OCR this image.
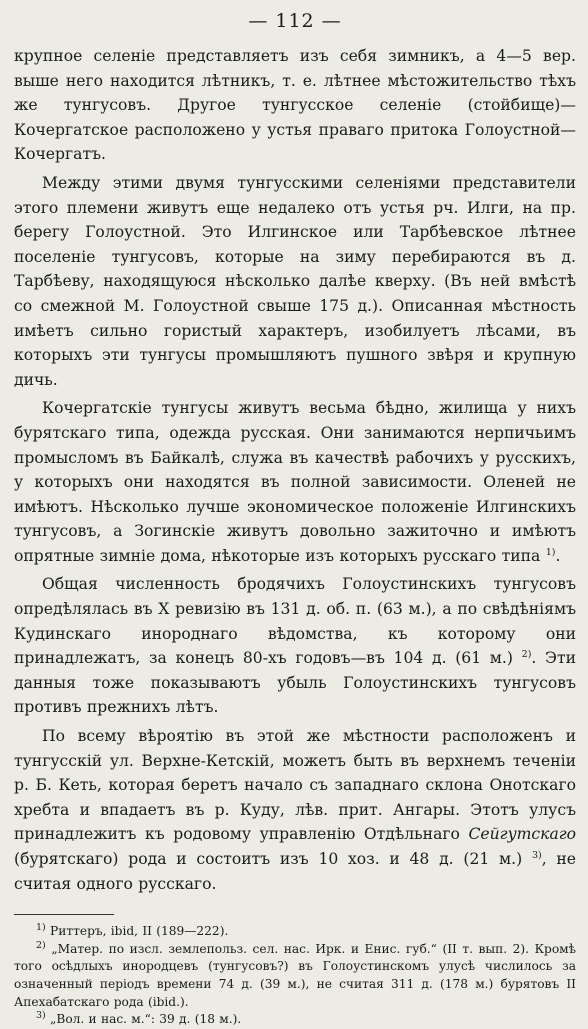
— 112 —

крупное селеніе представляетъ изъ себя зимникъ, а 4—5 вер. выше него находится лѣтникъ, т. е. лѣтнее мѣстожительство тѣхъ же тунгусовъ. Другое тунгусское селеніе (стойбище)— Кочергатское расположено у устья праваго притока Голоустной—Кочергатъ.

Между этими двумя тунгусскими селеніями представители этого племени живутъ еще недалеко отъ устья рч. Илги, на пр. берегу Голоустной. Это Илгинское или Тарбѣевское лѣтнее поселеніе тунгусовъ, которые на зиму перебираются въ д. Тарбѣеву, находящуюся нѣсколько далѣе кверху. (Въ ней вмѣстѣ со смежной М. Голоустной свыше 175 д.). Описанная мѣстность имѣетъ сильно гористый характеръ, изобилуетъ лѣсами, въ которыхъ эти тунгусы промышляютъ пушного звѣря и крупную дичь.

Кочергатскіе тунгусы живутъ весьма бѣдно, жилища у нихъ бурятскаго типа, одежда русская. Они занимаются нерпичьимъ промысломъ въ Байкалѣ, служа въ качествѣ рабочихъ у русскихъ, у которыхъ они находятся въ полной зависимости. Оленей не имѣютъ. Нѣсколько лучше экономическое положеніе Илгинскихъ тунгусовъ, а Зогинскіе живутъ довольно зажиточно и имѣютъ опрятные зимніе дома, нѣкоторые изъ которыхъ русскаго типа $^{1)}$.

Общая численность бродячихъ Голоустинскихъ тунгусовъ опредѣлялась въ X ревизію въ 131 д. об. п. (63 м.), а по свѣдѣніямъ Кудинскаго инороднаго вѣдомства, къ которому они принадлежатъ, за конецъ 80-хъ годовъ—въ 104 д. (61 м.) $^{2)}$. Эти данныя тоже показываютъ убыль Голоустинскихъ тунгусовъ противъ прежнихъ лѣтъ.

По всему вѣроятію въ этой же мѣстности расположенъ и тунгусскій ул. Верхне-Кетскій, можетъ быть въ верхнемъ теченіи р. Б. Кеть, которая беретъ начало съ западнаго склона Онотскаго хребта и впадаетъ въ р. Куду, лѣв. прит. Ангары. Этотъ улусъ принадлежитъ къ родовому управленію Отдѣльнаго Сейгутскаго (бурятскаго) рода и состоитъ изъ 10 хоз. и 48 д. (21 м.) $^{3)}$, не считая одного русскаго.

$^{1)}$ Риттеръ, ibid, II (189—222).

$^{2)}$ „Матер. по изсл. землепольз. сел. нас. Ирк. и Енис. губ.“ (II т. вып. 2). Кромѣ того осѣдлыхъ инородцевъ (тунгусовъ?) въ Голоустинскомъ улусѣ числилось за означенный періодъ времени 74 д. (39 м.), не считая 311 д. (178 м.) бурятовъ II Апехабатскаго рода (ibid.).

$^{3)}$ „Вол. и нас. м.“: 39 д. (18 м.).
